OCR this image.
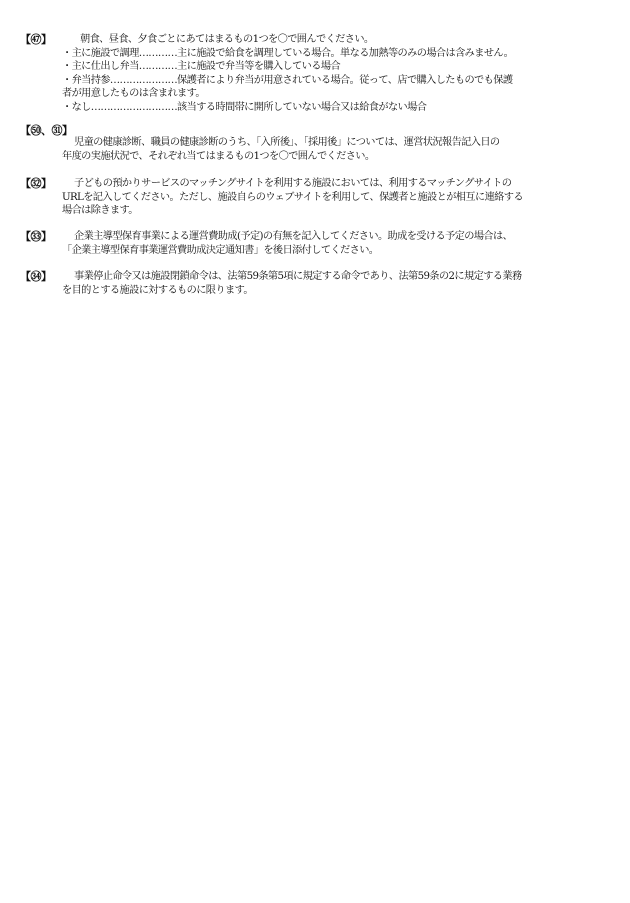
【㊼】	朝食、昼食、夕食ごとにあてはまるもの1つを〇で囲んでください。
・主に施設で調理…………主に施設で給食を調理している場合。単なる加熱等のみの場合は含みません。
・主に仕出し弁当…………主に施設で弁当等を購入している場合
・弁当持参…………………保護者により弁当が用意されている場合。従って、店で購入したものでも保護
者が用意したものは含まれます。
・なし………………………該当する時間帯に開所していない場合又は給食がない場合
【㊿、㉛】
児童の健康診断、職員の健康診断のうち、「入所後」、「採用後」については、運営状況報告記入日の
年度の実施状況で、それぞれ当てはまるもの1つを〇で囲んでください。
【㉜】	子どもの預かりサービスのマッチングサイトを利用する施設においては、利用するマッチングサイトの
URLを記入してください。ただし、施設自らのウェブサイトを利用して、保護者と施設とが相互に連絡する
場合は除きます。
【㉝】	企業主導型保育事業による運営費助成(予定)の有無を記入してください。助成を受ける予定の場合は、
「企業主導型保育事業運営費助成決定通知書」を後日添付してください。
【㉞】	事業停止命令又は施設閉鎖命令は、法第59条第5項に規定する命令であり、法第59条の2に規定する業務
を目的とする施設に対するものに限ります。
